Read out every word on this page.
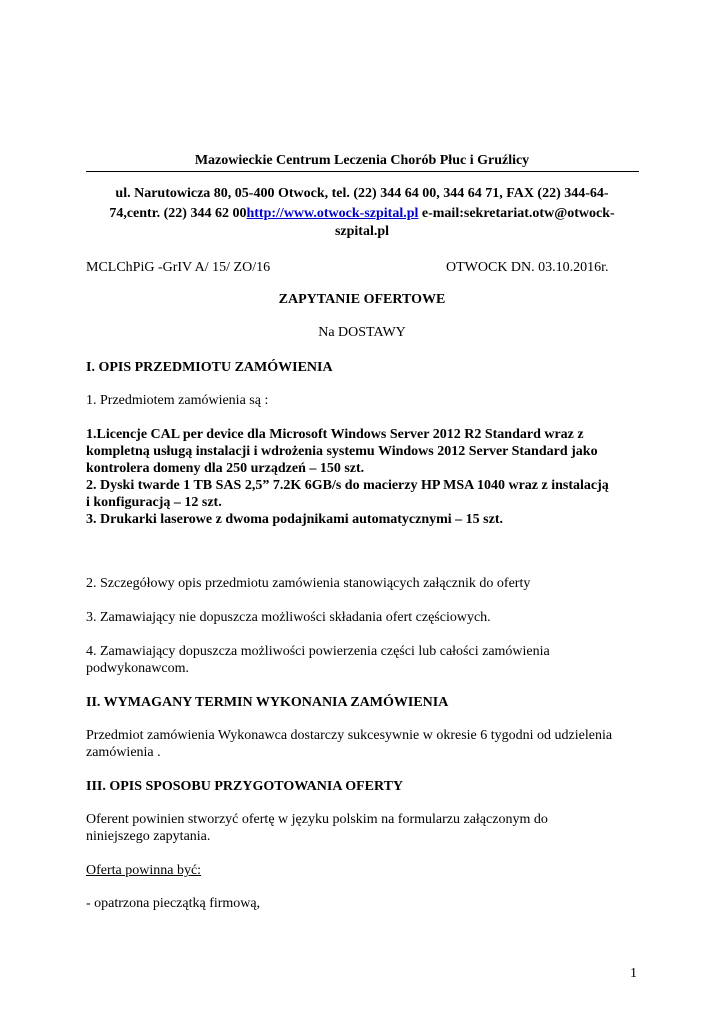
Mazowieckie Centrum Leczenia Chorób Płuc i Gruźlicy
ul. Narutowicza 80, 05-400 Otwock, tel. (22) 344 64 00, 344 64 71, FAX (22) 344-64-
74,centr. (22) 344 62 00http://www.otwock-szpital.pl e-mail:sekretariat.otw@otwock-
szpital.pl
MCLChPiG -GrIV A/ 15/ ZO/16	OTWOCK DN. 03.10.2016r.
ZAPYTANIE OFERTOWE
Na DOSTAWY
I. OPIS PRZEDMIOTU ZAMÓWIENIA
1. Przedmiotem zamówienia są :
1.Licencje CAL per device dla Microsoft Windows Server 2012 R2 Standard wraz z
kompletną usługą instalacji i wdrożenia systemu Windows 2012 Server Standard jako
kontrolera domeny dla 250 urządzeń – 150 szt.
2. Dyski twarde 1 TB SAS 2,5” 7.2K 6GB/s do macierzy HP MSA 1040 wraz z instalacją
i konfiguracją – 12 szt.
3. Drukarki laserowe z dwoma podajnikami automatycznymi – 15 szt.
2. Szczegółowy opis przedmiotu zamówienia stanowiących załącznik do oferty
3. Zamawiający nie dopuszcza możliwości składania ofert częściowych.
4. Zamawiający dopuszcza możliwości powierzenia części lub całości zamówienia
podwykonawcom.
II. WYMAGANY TERMIN WYKONANIA ZAMÓWIENIA
Przedmiot zamówienia Wykonawca dostarczy sukcesywnie w okresie 6 tygodni od udzielenia
zamówienia .
III. OPIS SPOSOBU PRZYGOTOWANIA OFERTY
Oferent powinien stworzyć ofertę w języku polskim na formularzu załączonym do
niniejszego zapytania.
Oferta powinna być:
- opatrzona pieczątką firmową,
1
